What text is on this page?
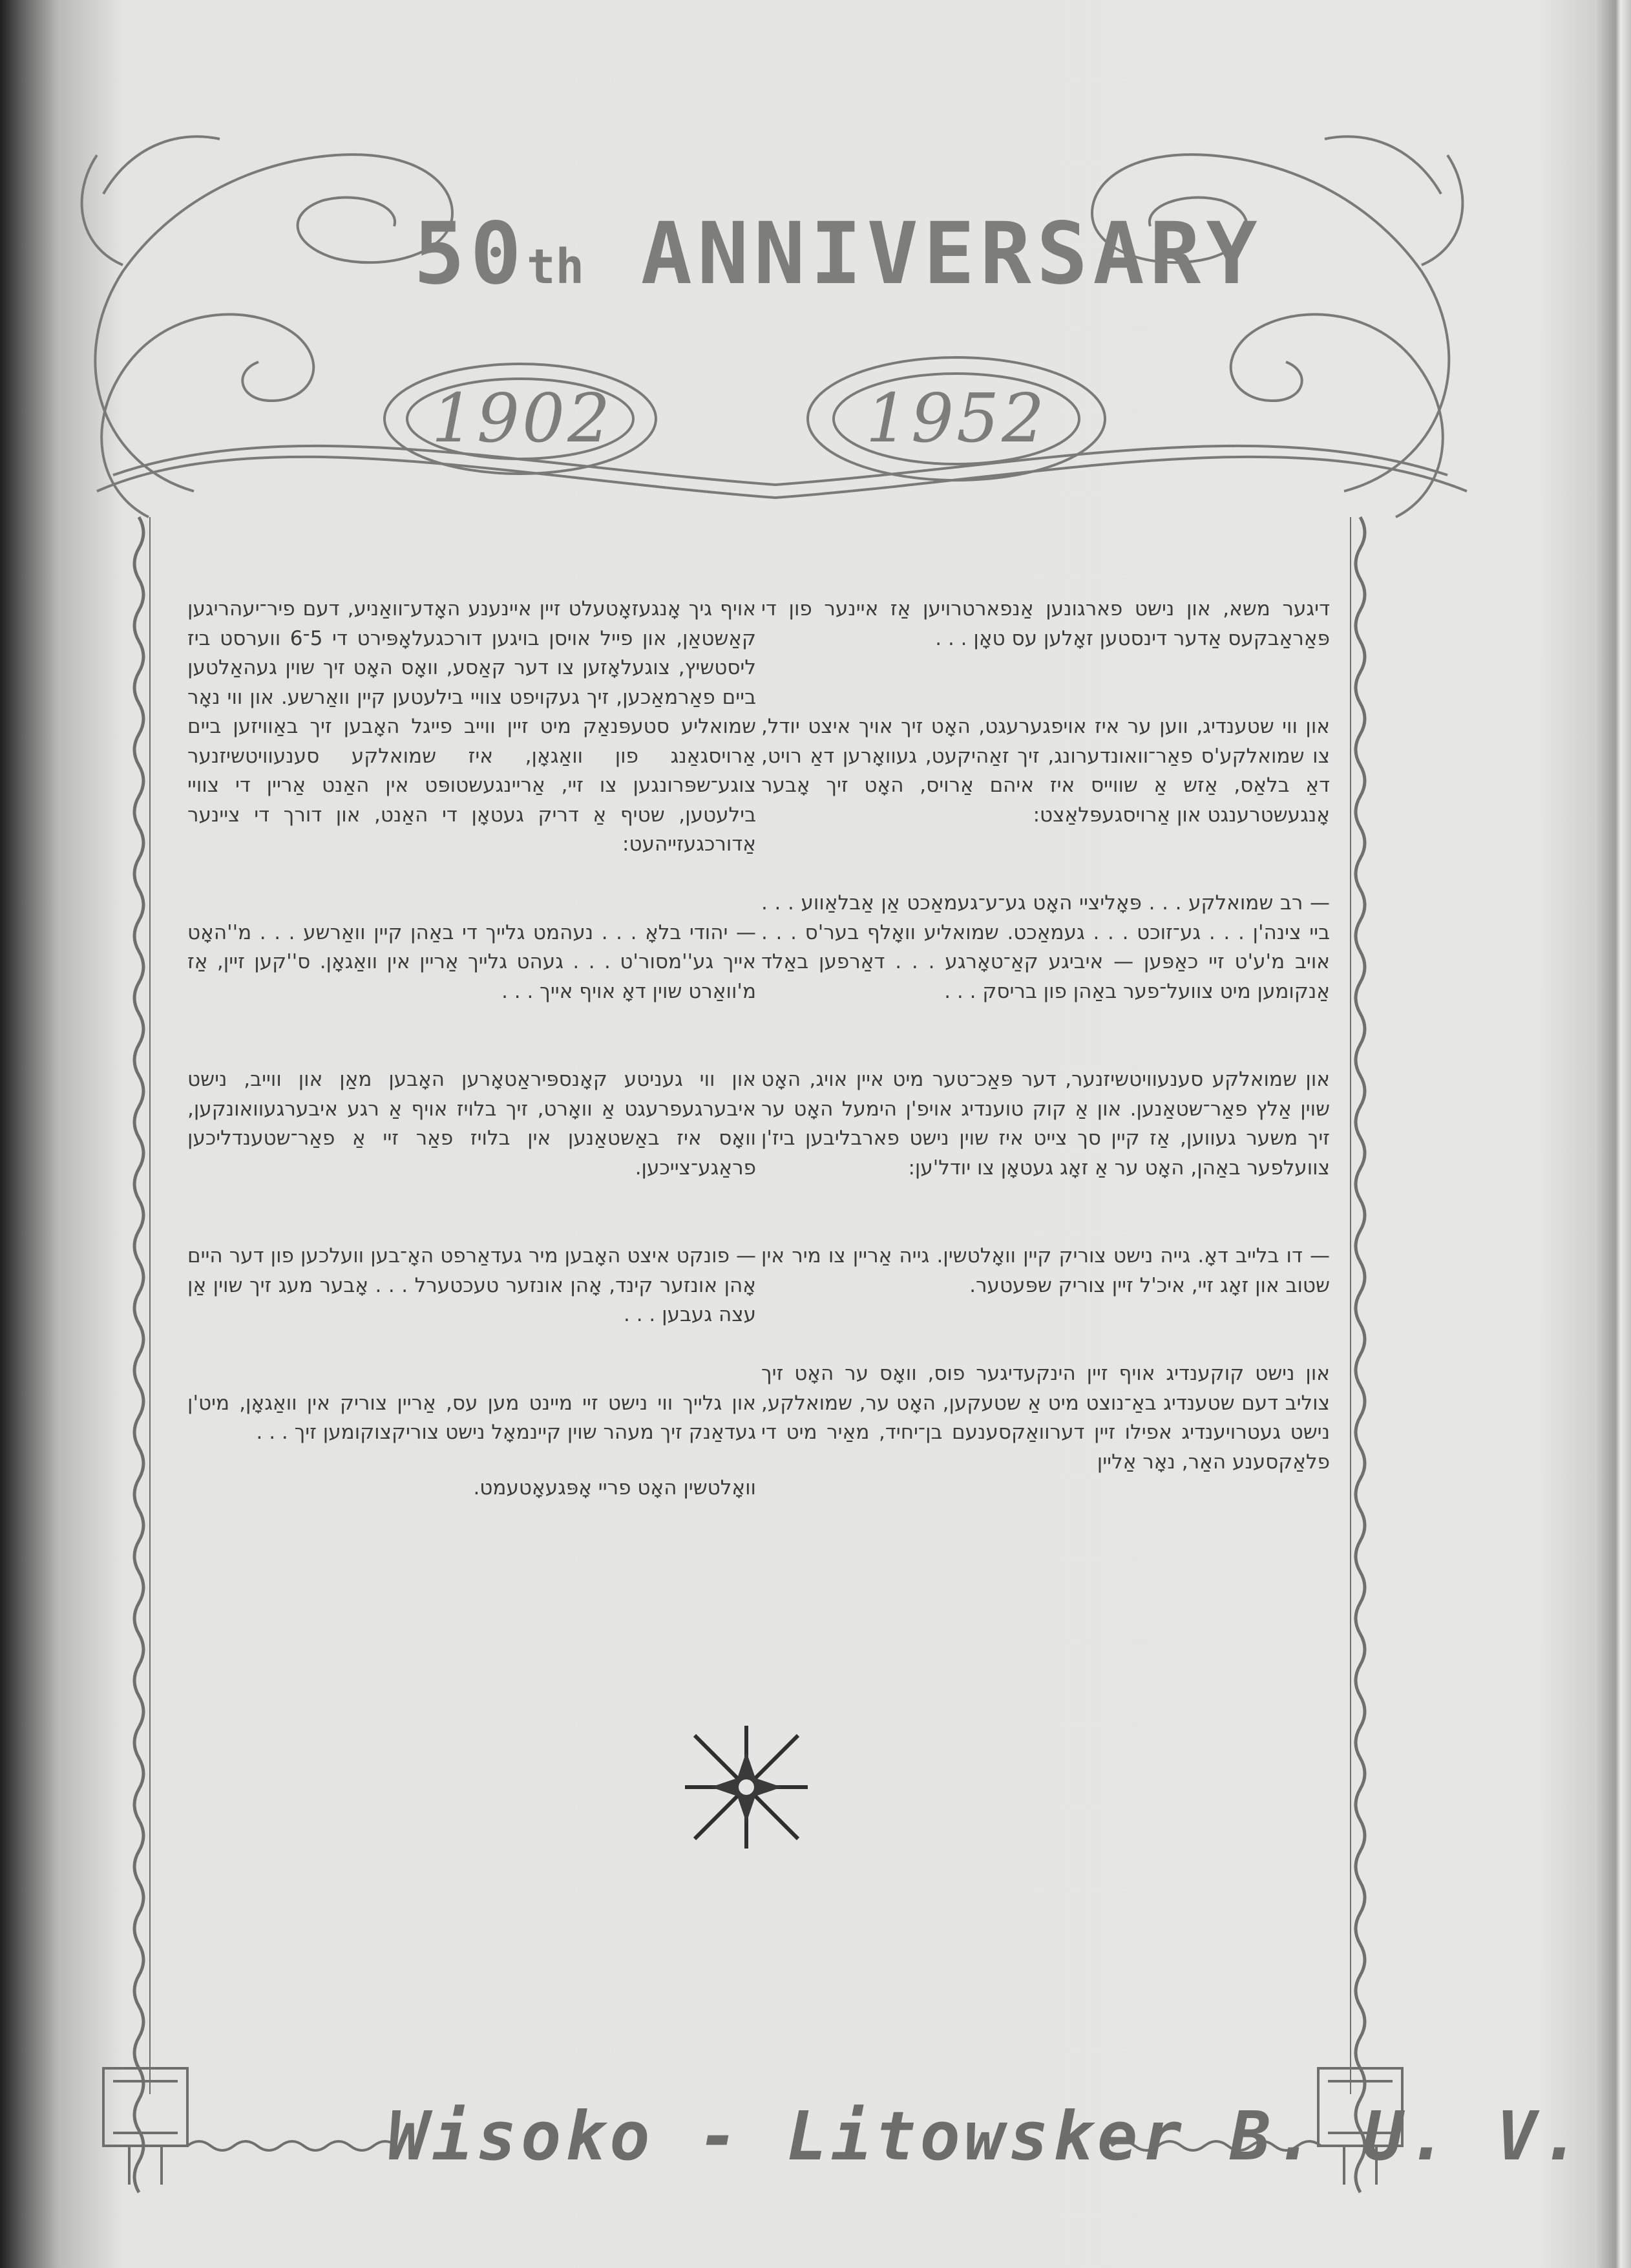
50th ANNIVERSARY
1902	1952

דיגער משא, און נישט פארגונען אַנפארטרויען אַז איינער פון די פּאַראַבקעס אַדער דינסטען זאָלען עס טאָן . . .

און ווי שטענדיג, ווען ער איז אויפגערעגט, האָט זיך אויך איצט יודל, צו שמואלקע'ס פאַר־וואונדערונג, זיך זאַהיקעט, געוואָרען דאַ רויט, דאַ בלאַס, אַזש אַ שווייס איז איהם אַרויס, האָט זיך אָבער אָנגעשטרענגט און אַרויסגעפּלאַצט:

— רב שמואלקע . . . פּאָליציי האָט גע־ע־געמאַכט אַן אַבלאַווע . . . ביי צינה'ן . . . גע־זוכט . . . געמאַכט. שמואליע וואָלף בער'ס . . . אויב מ'ע'ט זיי כאַפּען — איביגע קאַ־טאָרגע . . . דאַרפען באַלד אַנקומען מיט צוועל־פער באַהן פון בריסק . . .

און שמואלקע סענעוויטשיזנער, דער פּאַכ־טער מיט איין אויג, האָט שוין אַלץ פאַר־שטאַנען. און אַ קוק טוענדיג אויפ'ן הימעל האָט ער זיך משער געווען, אַז קיין סך צייט איז שוין נישט פארבליבען ביז'ן צוועלפער באַהן, האָט ער אַ זאָג געטאָן צו יודל'ען:

— דו בלייב דאָ. גייה נישט צוריק קיין וואָלטשין. גייה אַריין צו מיר אין שטוב און זאָג זיי, איכ'ל זיין צוריק שפּעטער.

און נישט קוקענדיג אויף זיין הינקעדיגער פוס, וואָס ער האָט זיך צוליב דעם שטענדיג באַ־נוצט מיט אַ שטעקען, האָט ער, שמואלקע, נישט געטרויענדיג אפילו זיין דערוואַקסענעם בן־יחיד, מאַיר מיט די פלאַקסענע האַר, נאָר אַליין

אויף גיך אָנגעזאָטעלט זיין איינענע האָדע־וואַניע, דעם פיר־יעהריגען קאַשטאַן, און פייל אויסן בויגען דורכגעלאָפּירט די 5־6 ווערסט ביז ליסטשיץ, צוגעלאָזען צו דער קאַסע, וואָס האָט זיך שוין געהאַלטען ביים פאַרמאַכען, זיך געקויפט צוויי בילעטען קיין וואַרשע. און ווי נאָר שמואליע סטעפּנאַק מיט זיין ווייב פייגל האָבען זיך באַוויזען ביים אַרויסגאַנג פון וואַגאָן, איז שמואלקע סענעוויטשיזנער צוגע־שפּרונגען צו זיי, אַריינגעשטופּט אין האַנט אַריין די צוויי בילעטען, שטיף אַ דריק געטאָן די האַנט, און דורך די ציינער אַדורכגעזייהעט:

— יהודי בלאָ . . . נעהמט גלייך די באַהן קיין וואַרשע . . . מ''האָט אייך גע''מסור'ט . . . געהט גלייך אַריין אין וואַגאָן. ס''קען זיין, אַז מ'וואַרט שוין דאָ אויף אייך . . .

און ווי געניטע קאָנספּיראַטאָרען האָבען מאַן און ווייב, נישט איבערגעפרעגט אַ וואָרט, זיך בלויז אויף אַ רגע איבערגעוואונקען, וואָס איז באַשטאַנען אין בלויז פאַר זיי אַ פאַר־שטענדליכען פראַגע־צייכען.

— פונקט איצט האָבען מיר געדאַרפט האָ־בען וועלכען פון דער היים אָהן אונזער קינד, אָהן אונזער טעכטערל . . . אָבער מעג זיך שוין אַן עצה געבען . . .

און גלייך ווי נישט זיי מיינט מען עס, אַריין צוריק אין וואַגאָן, מיט'ן געדאַנק זיך מעהר שוין קיינמאָל נישט צוריקצוקומען זיך . . .

וואָלטשין האָט פריי אָפּגעאָטעמט.

Wisoko - Litowsker B. U. V.
